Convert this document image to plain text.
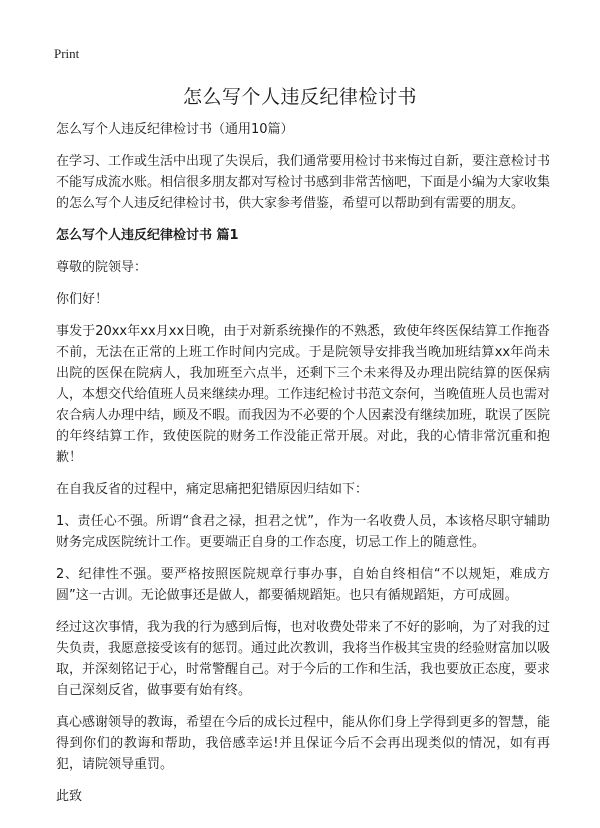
Print
怎么写个人违反纪律检讨书

怎么写个人违反纪律检讨书（通用10篇）

在学习、工作或生活中出现了失误后，我们通常要用检讨书来悔过自新，要注意检讨书不能写成流水账。相信很多朋友都对写检讨书感到非常苦恼吧，下面是小编为大家收集的怎么写个人违反纪律检讨书，供大家参考借鉴，希望可以帮助到有需要的朋友。

怎么写个人违反纪律检讨书 篇1

尊敬的院领导：

你们好！

事发于20xx年xx月xx日晚，由于对新系统操作的不熟悉，致使年终医保结算工作拖沓不前，无法在正常的上班工作时间内完成。于是院领导安排我当晚加班结算xx年尚未出院的医保在院病人，我加班至六点半，还剩下三个未来得及办理出院结算的医保病人，本想交代给值班人员来继续办理。工作违纪检讨书范文奈何，当晚值班人员也需对农合病人办理中结，顾及不暇。而我因为不必要的个人因素没有继续加班，耽误了医院的年终结算工作，致使医院的财务工作没能正常开展。对此，我的心情非常沉重和抱歉！

在自我反省的过程中，痛定思痛把犯错原因归结如下：

1、责任心不强。所谓“食君之禄，担君之忧”，作为一名收费人员，本该格尽职守辅助财务完成医院统计工作。更要端正自身的工作态度，切忌工作上的随意性。

2、纪律性不强。要严格按照医院规章行事办事，自始自终相信“不以规矩，难成方圆”这一古训。无论做事还是做人，都要循规蹈矩。也只有循规蹈矩，方可成圆。

经过这次事情，我为我的行为感到后悔，也对收费处带来了不好的影响，为了对我的过失负责，我愿意接受该有的惩罚。通过此次教训，我将当作极其宝贵的经验财富加以吸取，并深刻铭记于心，时常警醒自己。对于今后的工作和生活，我也要放正态度，要求自己深刻反省，做事要有始有终。

真心感谢领导的教诲，希望在今后的成长过程中，能从你们身上学得到更多的智慧，能得到你们的教诲和帮助，我倍感幸运!并且保证今后不会再出现类似的情况，如有再犯，请院领导重罚。

此致
